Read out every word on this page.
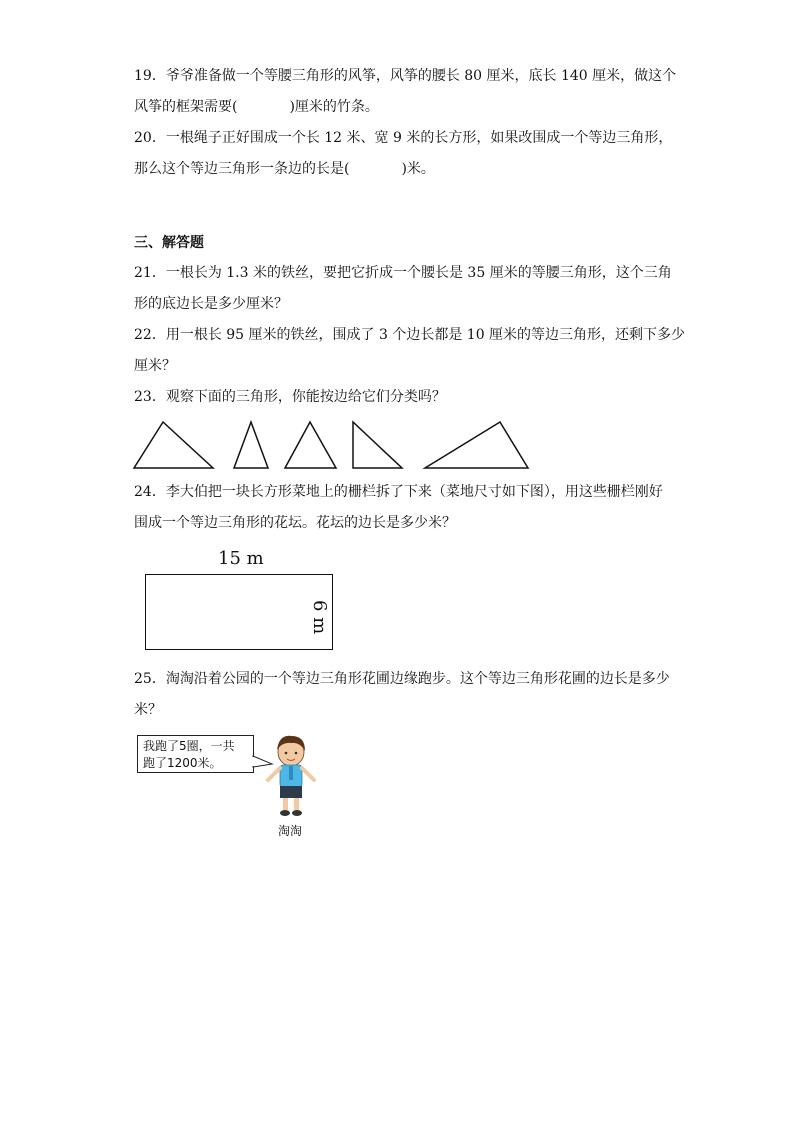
19．爷爷准备做一个等腰三角形的风筝，风筝的腰长 80 厘米，底长 140 厘米，做这个
风筝的框架需要(	)厘米的竹条。
20．一根绳子正好围成一个长 12 米、宽 9 米的长方形，如果改围成一个等边三角形，
那么这个等边三角形一条边的长是(	)米。
三、解答题
21．一根长为 1.3 米的铁丝，要把它折成一个腰长是 35 厘米的等腰三角形，这个三角
形的底边长是多少厘米？
22．用一根长 95 厘米的铁丝，围成了 3 个边长都是 10 厘米的等边三角形，还剩下多少
厘米？
23．观察下面的三角形，你能按边给它们分类吗？
24．李大伯把一块长方形菜地上的栅栏拆了下来（菜地尺寸如下图），用这些栅栏刚好
围成一个等边三角形的花坛。花坛的边长是多少米？
15 m
6 m
25．淘淘沿着公园的一个等边三角形花圃边缘跑步。这个等边三角形花圃的边长是多少
米？
我跑了5圈，一共
跑了1200米。
淘淘
